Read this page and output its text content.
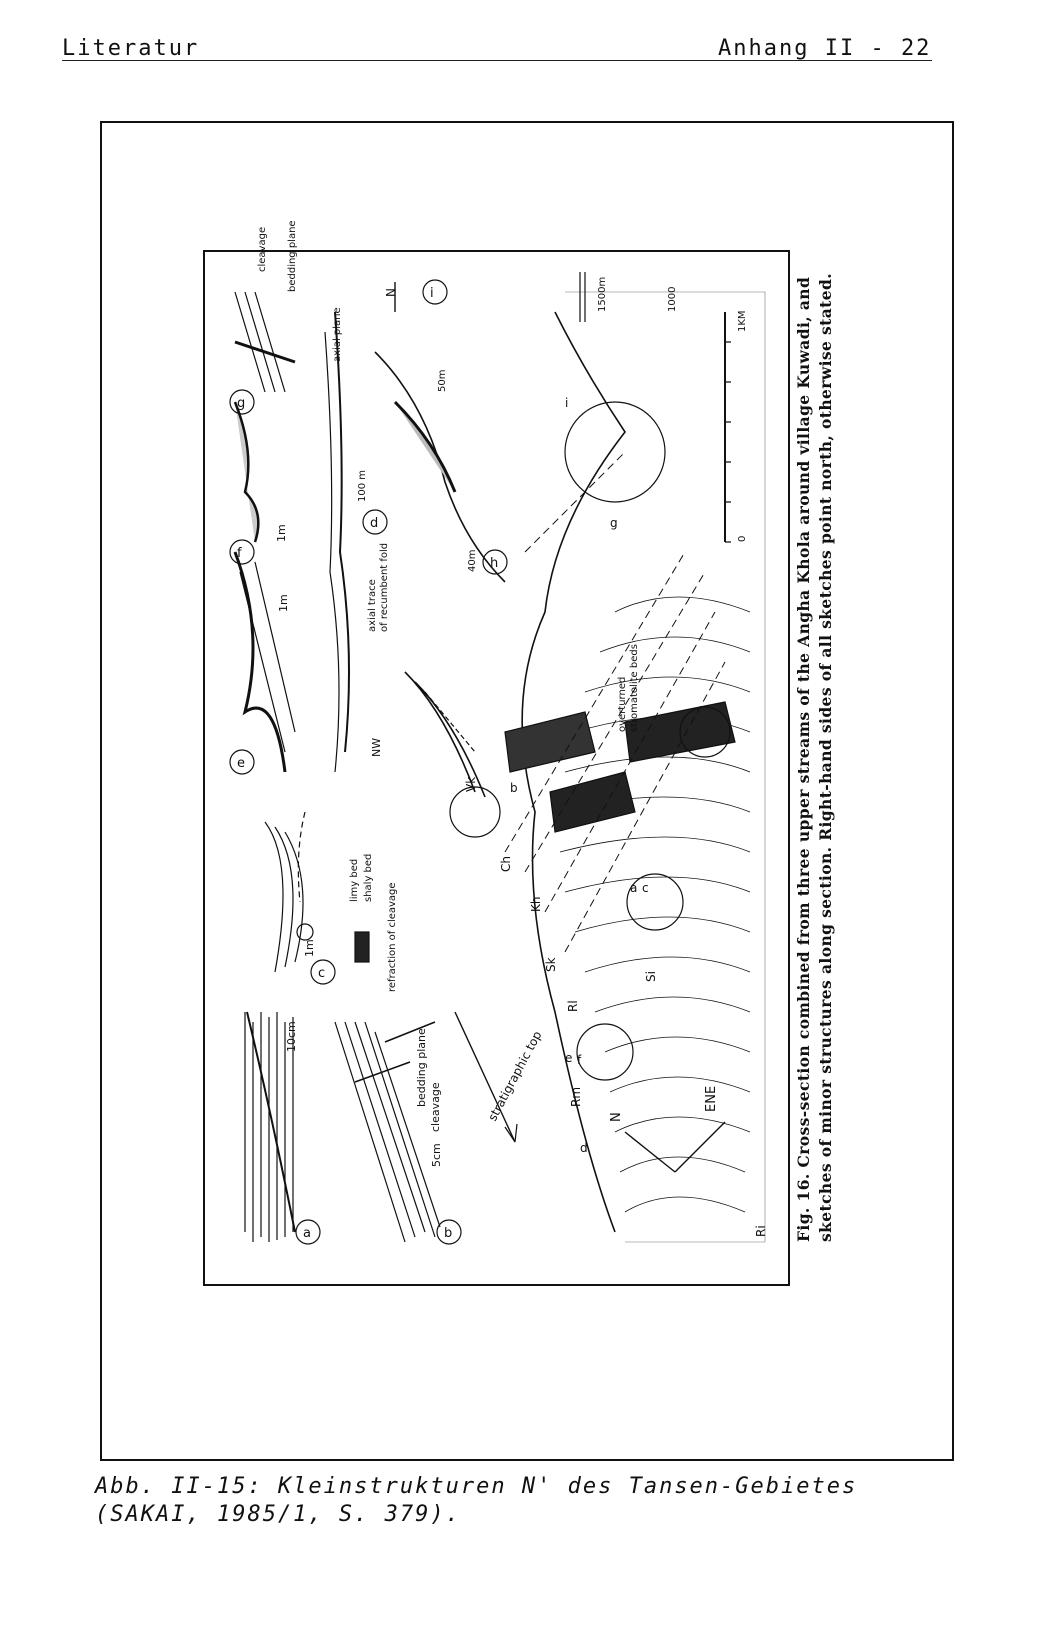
Literatur	Anhang II - 22
a
10cm
b
5cm
cleavage
bedding plane
c
1m
limy bed shaly bed
refraction of cleavage
e
1m
f
1m
g
cleavage bedding plane
d
100 m
axial trace of recumbent fold
axial plane
NW
N
h
40m
i
50m
Ri
Rm
Rl
Sk
Kh
Ch
Vk
Si
d
e f
a c
b
g
i
overturned stromatolite beds
stratigraphic top	N
ENE
0
1KM
1500m	1000	Fig. 16. Cross-section combined from three upper streams of the Angha Khola around village Kuwadi, and sketches of minor structures along section. Right-hand sides of all sketches point north, otherwise stated.
Abb. II-15: Kleinstrukturen N' des Tansen-Gebietes
(SAKAI, 1985/1, S. 379).
